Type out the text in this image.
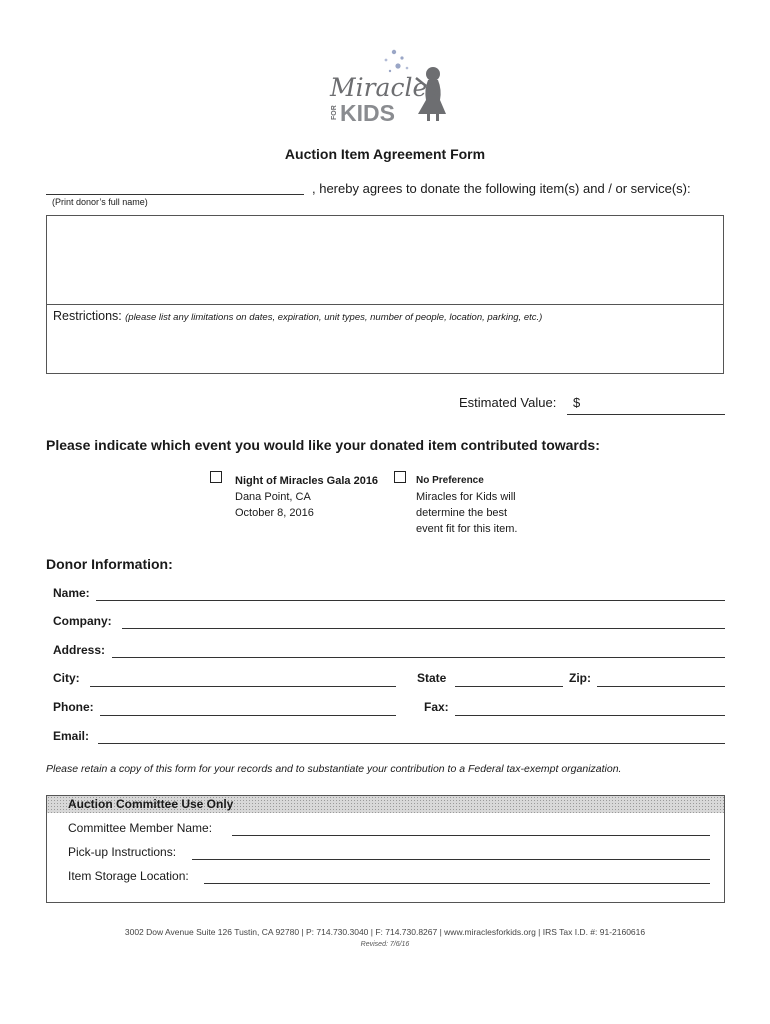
Miracles
FOR KIDS
Auction Item Agreement Form
, hereby agrees to donate the following item(s) and / or service(s):
(Print donor’s full name)
Restrictions: (please list any limitations on dates, expiration, unit types, number of people, location, parking, etc.)
Estimated Value: $
Please indicate which event you would like your donated item contributed towards:
Night of Miracles Gala 2016
Dana Point, CA
October 8, 2016
No Preference
Miracles for Kids will
determine the best
event fit for this item.
Donor Information:
Name:
Company:
Address:
City:	State	Zip:
Phone:	Fax:
Email:
Please retain a copy of this form for your records and to substantiate your contribution to a Federal tax-exempt organization.
Auction Committee Use Only
Committee Member Name:
Pick-up Instructions:
Item Storage Location:
3002 Dow Avenue Suite 126 Tustin, CA 92780 | P: 714.730.3040 | F: 714.730.8267 | www.miraclesforkids.org | IRS Tax I.D. #: 91-2160616
Revised: 7/6/16
